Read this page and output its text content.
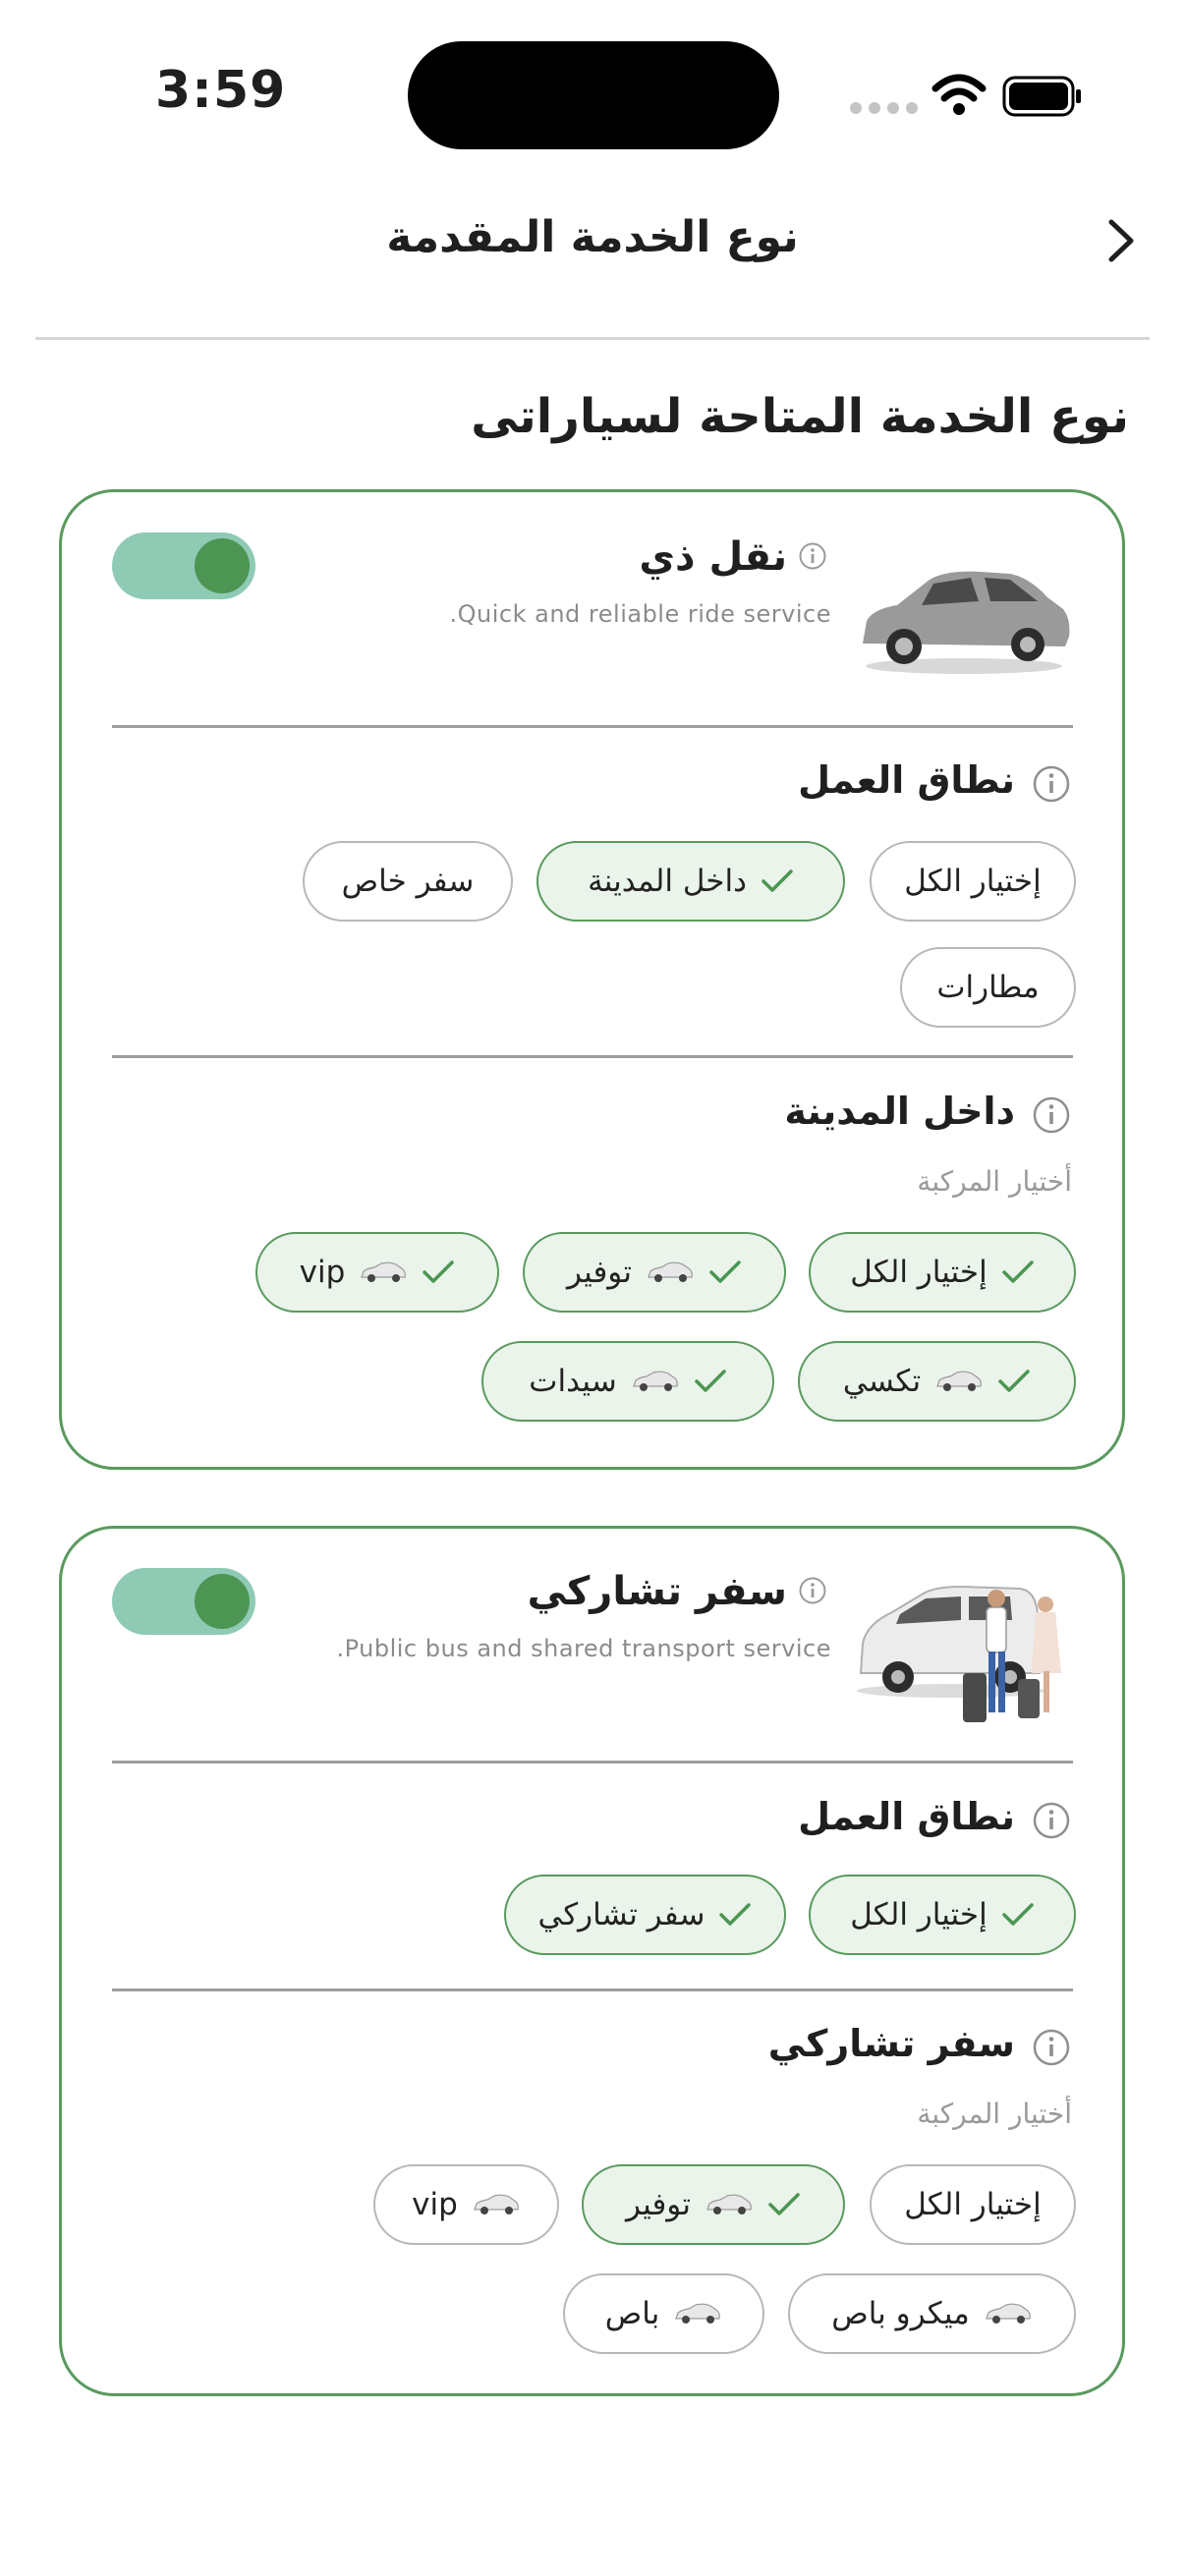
3:59
نوع الخدمة المقدمة
نوع الخدمة المتاحة لسياراتى
نقل ذي
.Quick and reliable ride service
نطاق العمل
إختيار الكل
داخل المدينة
سفر خاص
مطارات
داخل المدينة
أختيار المركبة
إختيار الكل
توفير
vip
تكسي
سيدات
سفر تشاركي
.Public bus and shared transport service
نطاق العمل
إختيار الكل
سفر تشاركي
سفر تشاركي
أختيار المركبة
إختيار الكل
توفير
vip
ميكرو باص
باص
